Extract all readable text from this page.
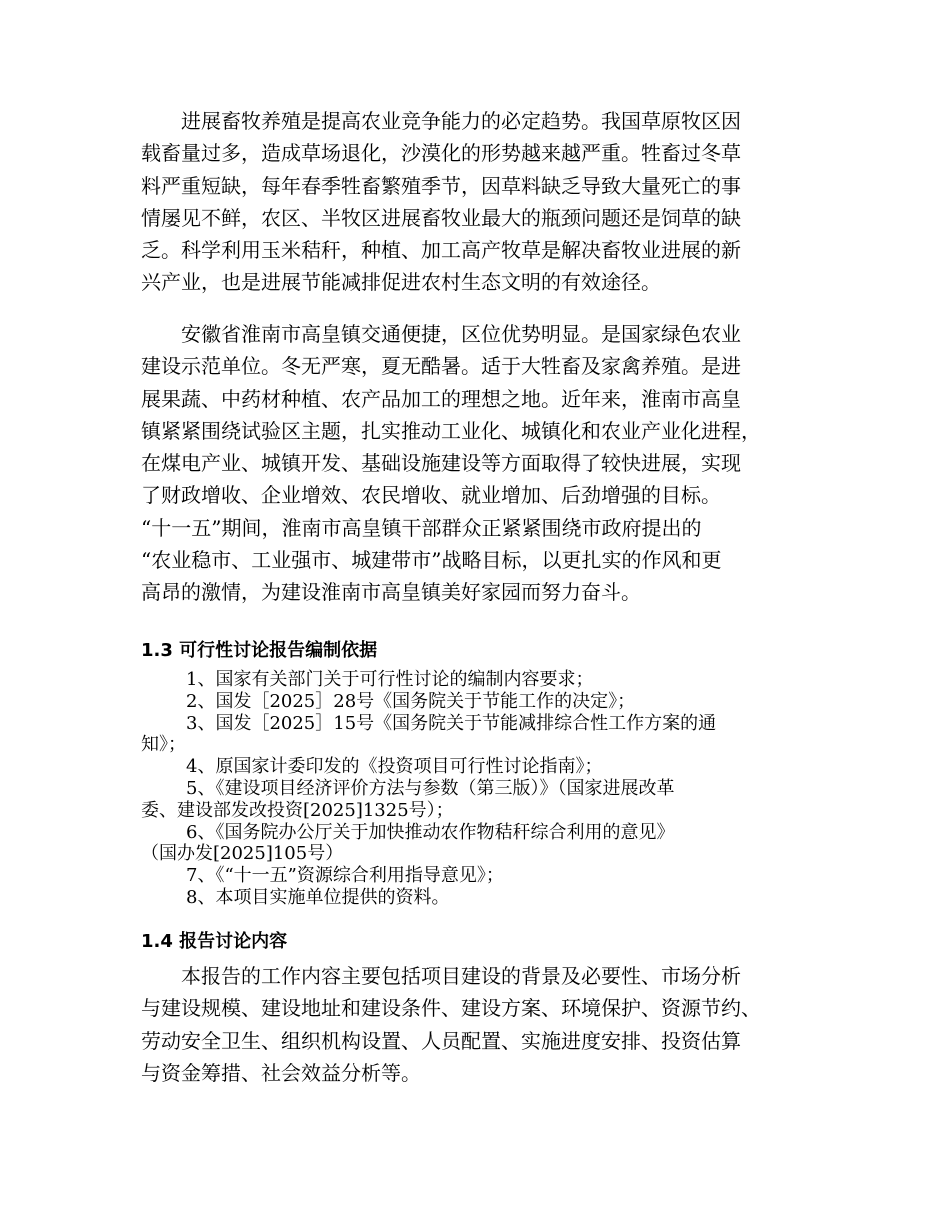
进展畜牧养殖是提高农业竞争能力的必定趋势。我国草原牧区因
载畜量过多，造成草场退化，沙漠化的形势越来越严重。牲畜过冬草
料严重短缺，每年春季牲畜繁殖季节，因草料缺乏导致大量死亡的事
情屡见不鲜，农区、半牧区进展畜牧业最大的瓶颈问题还是饲草的缺
乏。科学利用玉米秸秆，种植、加工高产牧草是解决畜牧业进展的新
兴产业，也是进展节能减排促进农村生态文明的有效途径。

安徽省淮南市高皇镇交通便捷，区位优势明显。是国家绿色农业
建设示范单位。冬无严寒，夏无酷暑。适于大牲畜及家禽养殖。是进
展果蔬、中药材种植、农产品加工的理想之地。近年来，淮南市高皇
镇紧紧围绕试验区主题，扎实推动工业化、城镇化和农业产业化进程，
在煤电产业、城镇开发、基础设施建设等方面取得了较快进展，实现
了财政增收、企业增效、农民增收、就业增加、后劲增强的目标。
“十一五”期间，淮南市高皇镇干部群众正紧紧围绕市政府提出的
“农业稳市、工业强市、城建带市”战略目标，以更扎实的作风和更
高昂的激情，为建设淮南市高皇镇美好家园而努力奋斗。

1.3 可行性讨论报告编制依据
1、国家有关部门关于可行性讨论的编制内容要求；
2、国发［2025］28号《国务院关于节能工作的决定》；
3、国发［2025］15号《国务院关于节能减排综合性工作方案的通
知》；
4、原国家计委印发的《投资项目可行性讨论指南》；
5、《建设项目经济评价方法与参数（第三版）》（国家进展改革
委、建设部发改投资[2025]1325号）；
6、《国务院办公厅关于加快推动农作物秸秆综合利用的意见》
（国办发[2025]105号）
7、《“十一五”资源综合利用指导意见》；
8、本项目实施单位提供的资料。
1.4 报告讨论内容

本报告的工作内容主要包括项目建设的背景及必要性、市场分析
与建设规模、建设地址和建设条件、建设方案、环境保护、资源节约、
劳动安全卫生、组织机构设置、人员配置、实施进度安排、投资估算
与资金筹措、社会效益分析等。
